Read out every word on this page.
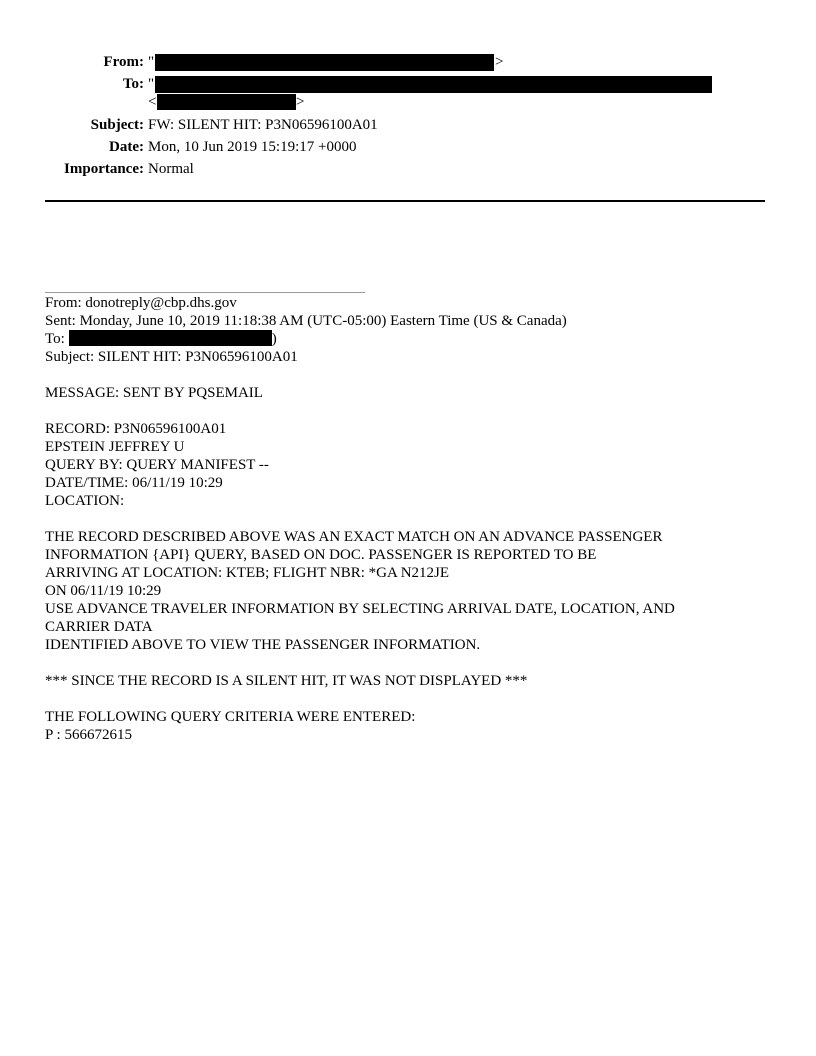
From: "	>
To: "
<	>
Subject: FW: SILENT HIT: P3N06596100A01
Date: Mon, 10 Jun 2019 15:19:17 +0000
Importance: Normal
From: donotreply@cbp.dhs.gov
Sent: Monday, June 10, 2019 11:18:38 AM (UTC-05:00) Eastern Time (US & Canada)
To:	)
Subject: SILENT HIT: P3N06596100A01
MESSAGE: SENT BY PQSEMAIL
RECORD: P3N06596100A01
EPSTEIN JEFFREY U
QUERY BY: QUERY MANIFEST --
DATE/TIME: 06/11/19 10:29
LOCATION:
THE RECORD DESCRIBED ABOVE WAS AN EXACT MATCH ON AN ADVANCE PASSENGER
INFORMATION {API} QUERY, BASED ON DOC. PASSENGER IS REPORTED TO BE
ARRIVING AT LOCATION: KTEB; FLIGHT NBR: *GA N212JE
ON 06/11/19 10:29
USE ADVANCE TRAVELER INFORMATION BY SELECTING ARRIVAL DATE, LOCATION, AND
CARRIER DATA
IDENTIFIED ABOVE TO VIEW THE PASSENGER INFORMATION.
*** SINCE THE RECORD IS A SILENT HIT, IT WAS NOT DISPLAYED ***
THE FOLLOWING QUERY CRITERIA WERE ENTERED:
P : 566672615
